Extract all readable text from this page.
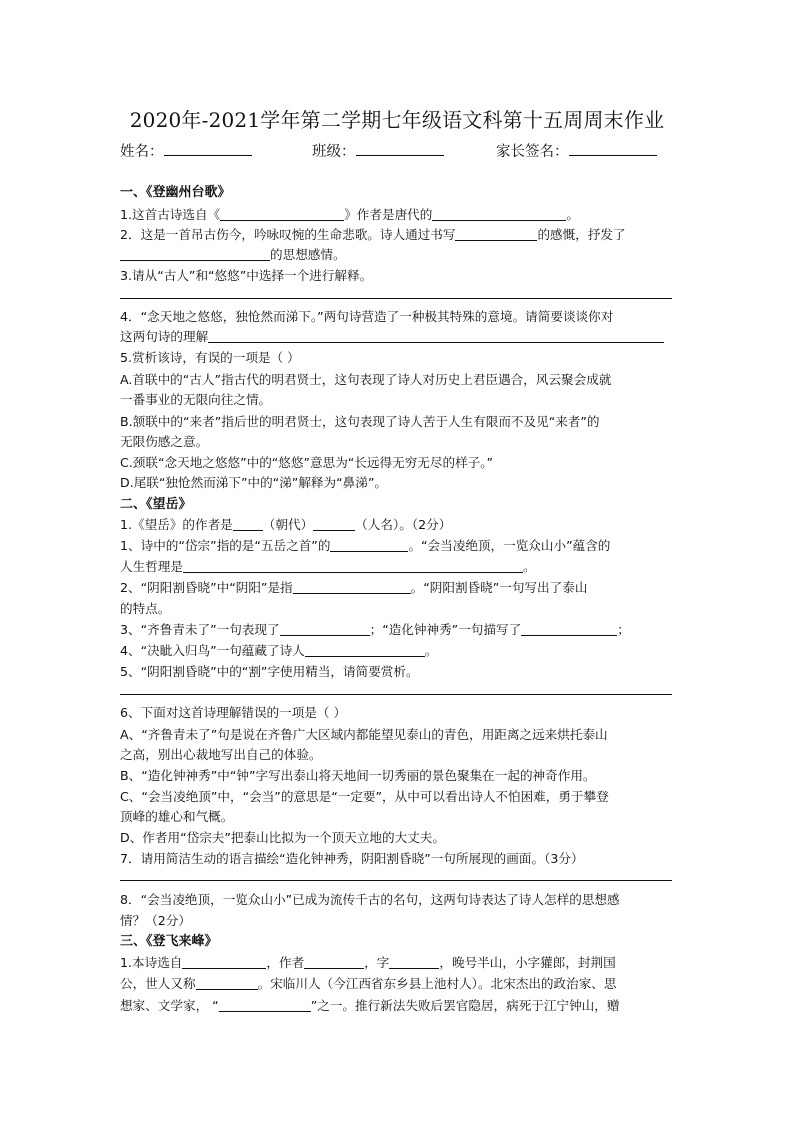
2020年-2021学年第二学期七年级语文科第十五周周末作业
姓名：	班级：	家长签名：
一、《登幽州台歌》
1.这首古诗选自《	》作者是唐代的	。
2．这是一首吊古伤今，吟咏叹惋的生命悲歌。诗人通过书写	的感慨，抒发了
的思想感情。
3.请从“古人”和“悠悠”中选择一个进行解释。
4．“念天地之悠悠，独怆然而涕下。”两句诗营造了一种极其特殊的意境。请简要谈谈你对
这两句诗的理解
5.赏析该诗，有误的一项是（ ）
A.首联中的“古人”指古代的明君贤士，这句表现了诗人对历史上君臣遇合，风云聚会成就
一番事业的无限向往之情。
B.颔联中的“来者”指后世的明君贤士，这句表现了诗人苦于人生有限而不及见“来者”的
无限伤感之意。
C.颈联“念天地之悠悠”中的“悠悠”意思为“长远得无穷无尽的样子。”
D.尾联“独怆然而涕下”中的“涕”解释为“鼻涕”。
二、《望岳》
1.《望岳》的作者是 （朝代）	（人名）。（2分）
1、诗中的“岱宗”指的是“五岳之首”的	。“会当凌绝顶，一览众山小”蕴含的
人生哲理是	。
2、“阴阳割昏晓”中“阴阳”是指	。“阴阳割昏晓”一句写出了泰山
的特点。
3、“齐鲁青未了”一句表现了	；“造化钟神秀”一句描写了	；
4、“决眦入归鸟”一句蕴藏了诗人	。
5、“阴阳割昏晓”中的“割”字使用精当，请简要赏析。
6、下面对这首诗理解错误的一项是（ ）
A、“齐鲁青未了”句是说在齐鲁广大区域内都能望见泰山的青色，用距离之远来烘托泰山
之高，别出心裁地写出自己的体验。
B、“造化钟神秀”中“钟”字写出泰山将天地间一切秀丽的景色聚集在一起的神奇作用。
C、“会当凌绝顶”中，“会当”的意思是“一定要”，从中可以看出诗人不怕困难，勇于攀登
顶峰的雄心和气概。
D、作者用“岱宗夫”把泰山比拟为一个顶天立地的大丈夫。
7．请用简洁生动的语言描绘“造化钟神秀，阴阳割昏晓”一句所展现的画面。（3分）
8．“会当凌绝顶，一览众山小”已成为流传千古的名句，这两句诗表达了诗人怎样的思想感
情？（2分）
三、《登飞来峰》
1.本诗选自	，作者	，字	，晚号半山，小字獾郎，封荆国
公，世人又称	。宋临川人（今江西省东乡县上池村人）。北宋杰出的政治家、思
想家、文学家， “	”之一。推行新法失败后罢官隐居，病死于江宁钟山，赠
